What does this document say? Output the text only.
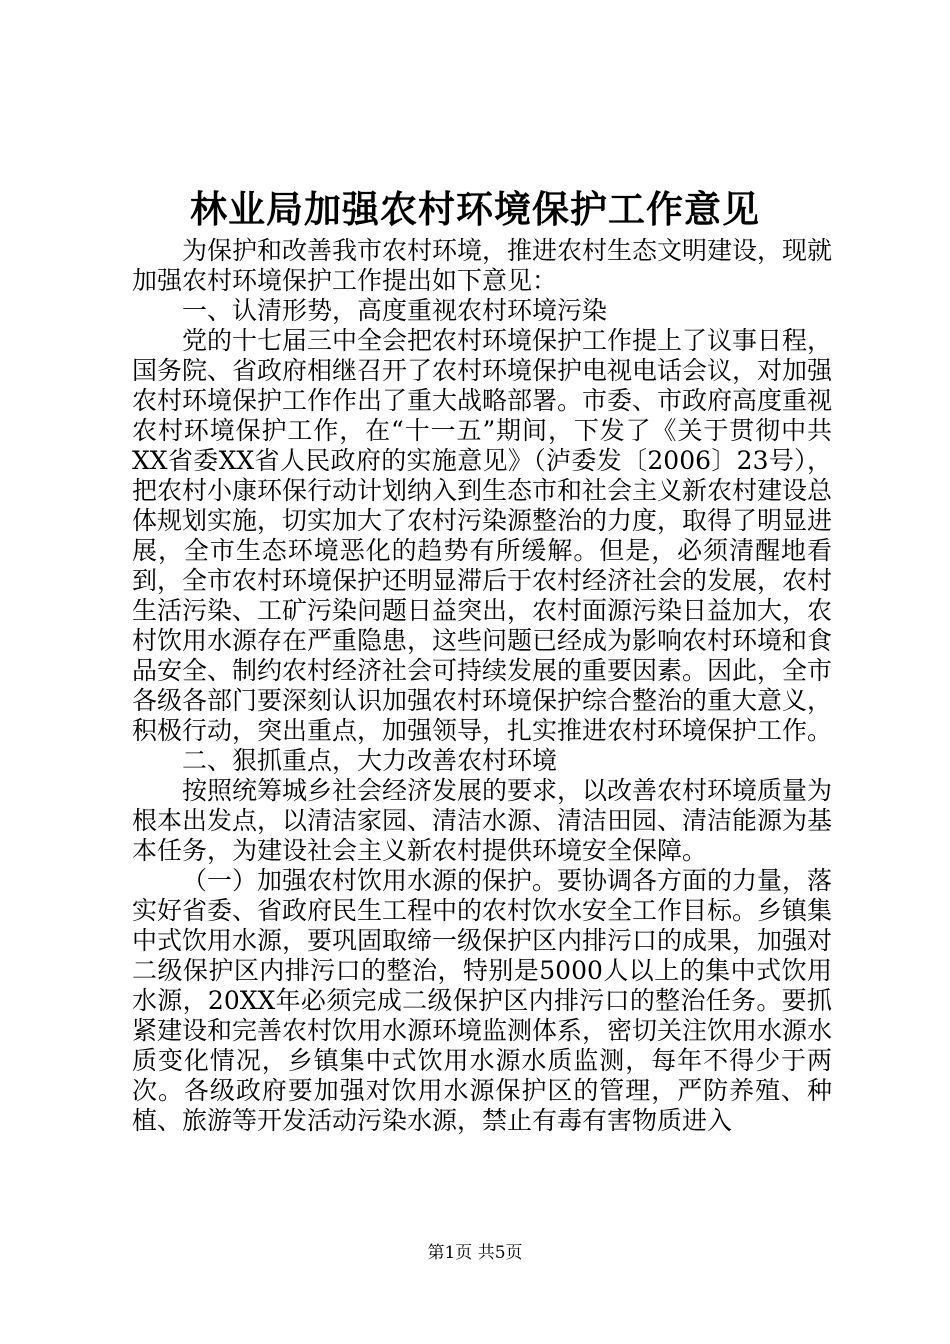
林业局加强农村环境保护工作意见

为保护和改善我市农村环境，推进农村生态文明建设，现就加强农村环境保护工作提出如下意见：

一、认清形势，高度重视农村环境污染

党的十七届三中全会把农村环境保护工作提上了议事日程，国务院、省政府相继召开了农村环境保护电视电话会议，对加强农村环境保护工作作出了重大战略部署。市委、市政府高度重视农村环境保护工作，在“十一五”期间，下发了《关于贯彻中共XX省委XX省人民政府的实施意见》（泸委发〔2006〕23号），把农村小康环保行动计划纳入到生态市和社会主义新农村建设总体规划实施，切实加大了农村污染源整治的力度，取得了明显进展，全市生态环境恶化的趋势有所缓解。但是，必须清醒地看到，全市农村环境保护还明显滞后于农村经济社会的发展，农村生活污染、工矿污染问题日益突出，农村面源污染日益加大，农村饮用水源存在严重隐患，这些问题已经成为影响农村环境和食品安全、制约农村经济社会可持续发展的重要因素。因此，全市各级各部门要深刻认识加强农村环境保护综合整治的重大意义，积极行动，突出重点，加强领导，扎实推进农村环境保护工作。

二、狠抓重点，大力改善农村环境

按照统筹城乡社会经济发展的要求，以改善农村环境质量为根本出发点，以清洁家园、清洁水源、清洁田园、清洁能源为基本任务，为建设社会主义新农村提供环境安全保障。

（一）加强农村饮用水源的保护。要协调各方面的力量，落实好省委、省政府民生工程中的农村饮水安全工作目标。乡镇集中式饮用水源，要巩固取缔一级保护区内排污口的成果，加强对二级保护区内排污口的整治，特别是5000人以上的集中式饮用水源，20XX年必须完成二级保护区内排污口的整治任务。要抓紧建设和完善农村饮用水源环境监测体系，密切关注饮用水源水质变化情况，乡镇集中式饮用水源水质监测，每年不得少于两次。各级政府要加强对饮用水源保护区的管理，严防养殖、种植、旅游等开发活动污染水源，禁止有毒有害物质进入

第1页 共5页
